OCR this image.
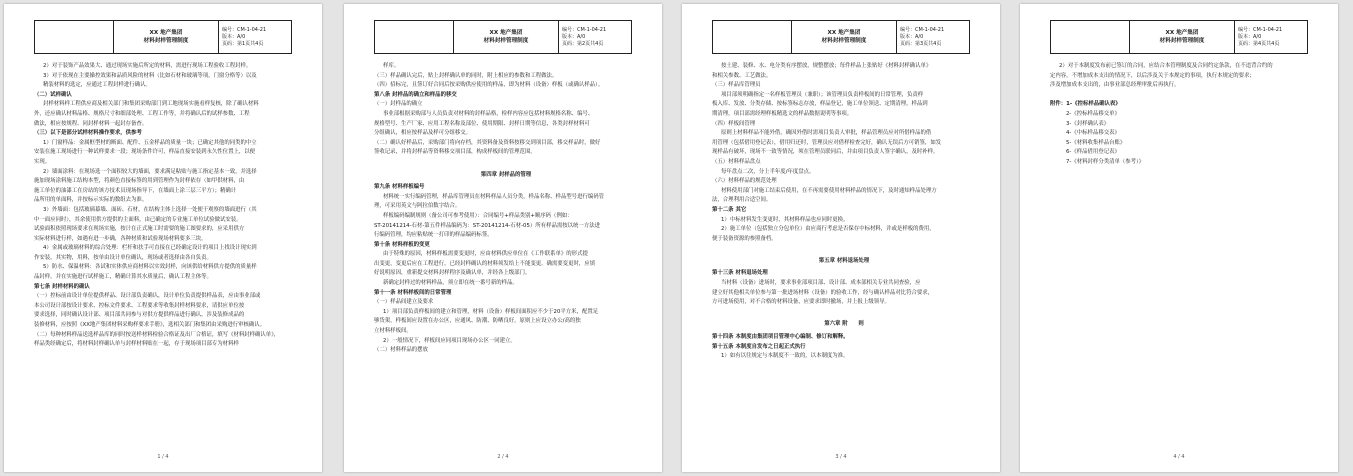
XX 地产集团
材料封样管理制度
编号：CM-1-04-21
版本：A/0
页码：第1页共4页
2）对于装饰产品效果大、通过现场实施后所定的材料，需进行现场工程验收工程封样。
3）对于依现在主要操控效果和品质风险的材料（比如石材和玻璃等项，门窗分格等）以及
精装材料的选定，应通过工程封样进行确认。
（二）试样确认
封样材料样工程供应商及相关部门和集团采购部门到工地现场实施看样复核，除了确认材料
外，还应确认材料品格、规格尺寸和细部处理、工程工作等，并将确认后的试样参数、工程
做法，相应按规程、同封样材料一起封存备查。
（三）以下是部分试样材料操作要求，供参考
1）门窗样品：金属框型材的断面、配件、五金样品的质量一块；已确定其他的同类的中立
安装在施工现场进行一种试样要求一段；现场条件许可，样品直接安装到永久性位置上，以便
实现。
2）墙面涂料：在现场选一个面积较大的墙面，要求满足粘贴与施工指定基本一致，并选择
施加现场涂料施工结构本型，将颜色直接标签的用到管理作为封样依存（如甲供材料，由
施工单位的油漆工在房站的该方技术员现场指导下，在墙面上涂三层三平方）；精确计
品所用的单面料，并按标示实际的数组去为准。
3）外墙面：包括玻璃幕墙、面砖、石材，在结构主体上选择一处便于观察的墙面进行（其
中一面应同时），其余使用供方提供的主面料，由已确定的专业施工单位试验做试安装。
试验面积依照现场要求在现场实施，按计在正式施工时需要的施工图要求的，应采用供方
实际材料进行样，如遇有进一步确，各种材质和试验现场材料要多三块。
4）金属或玻璃材料的综合处理：栏杆和扶手可直接在已经确定设计的项目上找设计现实到
作安装，其实物，用料，按单由设计单位确认，现场或者选择由各自负责。
5）防水、保温材料：各试和实体供应商材料以实效封样，向该供给材料供方提供的质量样
品封样，并在实施进行试样施工，精确计算其水质量后，确认工程主体等。
第七条 封样材料的确认
（一）控标前由设计单位提供样品、设计部负责确认，设计单位负责提供样品表，应由事业部或
本公司设计部按设计要求、控标文件要求、工程要求等收集封样材料要求，请供应单位按
要求选择，同时确认设计部、项目部共同参与对供方提供样品进行确认，涉及装修成品的
装修材料，应按照《XX地产集团材料采购样要求手册》，选相关部门和集团由采购进行审核确认。
（二）每种材料样品送选样品库的同时按送样材料检验合格证及出厂合格证，填写《材料封样确认单》，
样品类经确定后，将材料封样确认单与封样材料贴在一起，存于现场项目部专为材料样
1 / 4
XX 地产集团
材料封样管理制度
编号：CM-1-04-21
版本：A/0
页码：第2页共4页
样库。
（三）样品确认完后，贴上封样确认单的同时，附上相应的参数和工程做法。
（四）招标完，且签订好合同后按采购供应使用的样品，即为材料（设备）样板（或确认样品）。
第八条 封样品的确立和样品的移交
（一）封样品的确立
事业部根据采购部与人员负责对材料的封样品格，检样内容应包括材料规格名称、编号、
规格型号、生产厂家、应用工程名称及部位、使用期限、封样日期等信息，各类封样材料可
分组确认，相应按样品及样可分组移交。
（二）确认好样品后，采购部门将向存档，其资料备及资料按移交到项目部，移交样品时，做好
签收记录，并将封样品等资料移交项目部，构成样板间的管理范围。
第四章 封样品的管理
第九条 材料样板编号
材料统一实行编码管理，样品库管理员在材料样品人员分类，样品名称、样品型号进行编码管
理，可采用英文与阿拉伯数字结合。
样板编码编制规则（备公司可参考使用）：合同编号+样品类别+顺序码（例如：
ST-20141214-石材-第五件样品编码为：ST-20141214-石材-05）所有样品需按以统一方法进
行编码管理，均应粘贴统一打印的样品编码标签。
第十条 材料样板的变更
由于特殊的原因，材料样板需要变更时，应由材料供应单位在《工作联系单》的形式提
出变更，变更后应在工程进行，已经封样确认的材料须发给上不能变更。确需要变更时，应填
好说明原因，重新提交材料封样程序及确认单，并经各上级部门。
新确定封样过的材料样品，须立即在统一番号新的样品。
第十一条 材料样板间的日常管理
（一）样品间建立及要求
1）项目部负责样板间的建立和管理，材料（设备）样板间面积应不少于20平方米，配置足
够货架，样板间应设置在办公区，应通风、防潮、防晒良好，原则上应设立办公/高的独
立材料样板间。
2）一般情况下，样板间应同项目现场办公区一同建立。
（二）材料样品的摆放
2 / 4
XX 地产集团
材料封样管理制度
编号：CM-1-04-21
版本：A/0
页码：第3页共4页
按土建、装修、水、电分类有序摆放，规整摆放；每件样品上张贴好《材料封样确认单》
和相关参数、工艺做法。
（三）样品库管理员
项目部须明确指定一名样板管理员（兼职）；该管理员负责样板间的日常管理，负责样
板入库、发放、分类存储、按标签标志存放，样品登记，施工单位领送、定期清理，样品到
期清理，项目部需经理样板精选文的样品数据说明等事项。
（四）样板间管理
原则上材料样品不能外借，确因外借时需项目负责人审批，样品管理员应对所借样品的借
用管理（包括借用登记表），借用归还时，管理员应对借样检查完好，确认无误后方可销签，如发
现样品有破坏，现场不一致等情况，须在管理员联同后，并由项目负责人签字确认，及时补样。
（五）材料样品盘点
每年盘点二次，分上半年度/年度盘点。
（六）材料样品的规范处理
材料使用部门对施工结束后使用，在不再需要使用材料样品的情况下，及时通知样品处理方
法，合理利用合适空间。
第十二条 其它
1）中标材料发生变更时，其材料样品也应同时更换。
2）施工单位（包括独立分包单位）由应商行考虑是否保存中标材料，并或是样板的费用，
便于装备资源的参照备档。
第五章 材料退场处理
第十三条 材料退场处理
当材料（设备）进场时，要求事业部项目部、设计部、成本部相关专业共同查验，应
建立好其他相关单位参与第一批进场材料（设备）的验收工作，经与确认样品对比符合要求，
方可进场使用，对不合格的材料设备，应要求即时撤场，并上报上级领导。
第六章 附　　则
第十四条 本制度由集团项目管理中心编制、修订和解释。
第十五条 本制度自发布之日起正式执行
1）如有以往规定与本制度不一致的，以本制度为准。
3 / 4
XX 地产集团
材料封样管理制度
编号：CM-1-04-21
版本：A/0
页码：第4页共4页
2）对于本制度发布前已签订的合同，应结合本管理制度及合同约定条款，在不违背合约的
定内容，不增加成本支出的情况下，以后涉及关于本规定的事项，执行本规定的要求；
涉及增加成本支出的，由事业部总经理审批后再执行。
附件：1-《控标样品确认表》
2-《控标样品移交单》
3-《封样确认表》
4-《中标样品移交表》
5-《材料收集样品台账》
6-《样品借用登记表》
7-《材料封样分类清单（参考）》
4 / 4
